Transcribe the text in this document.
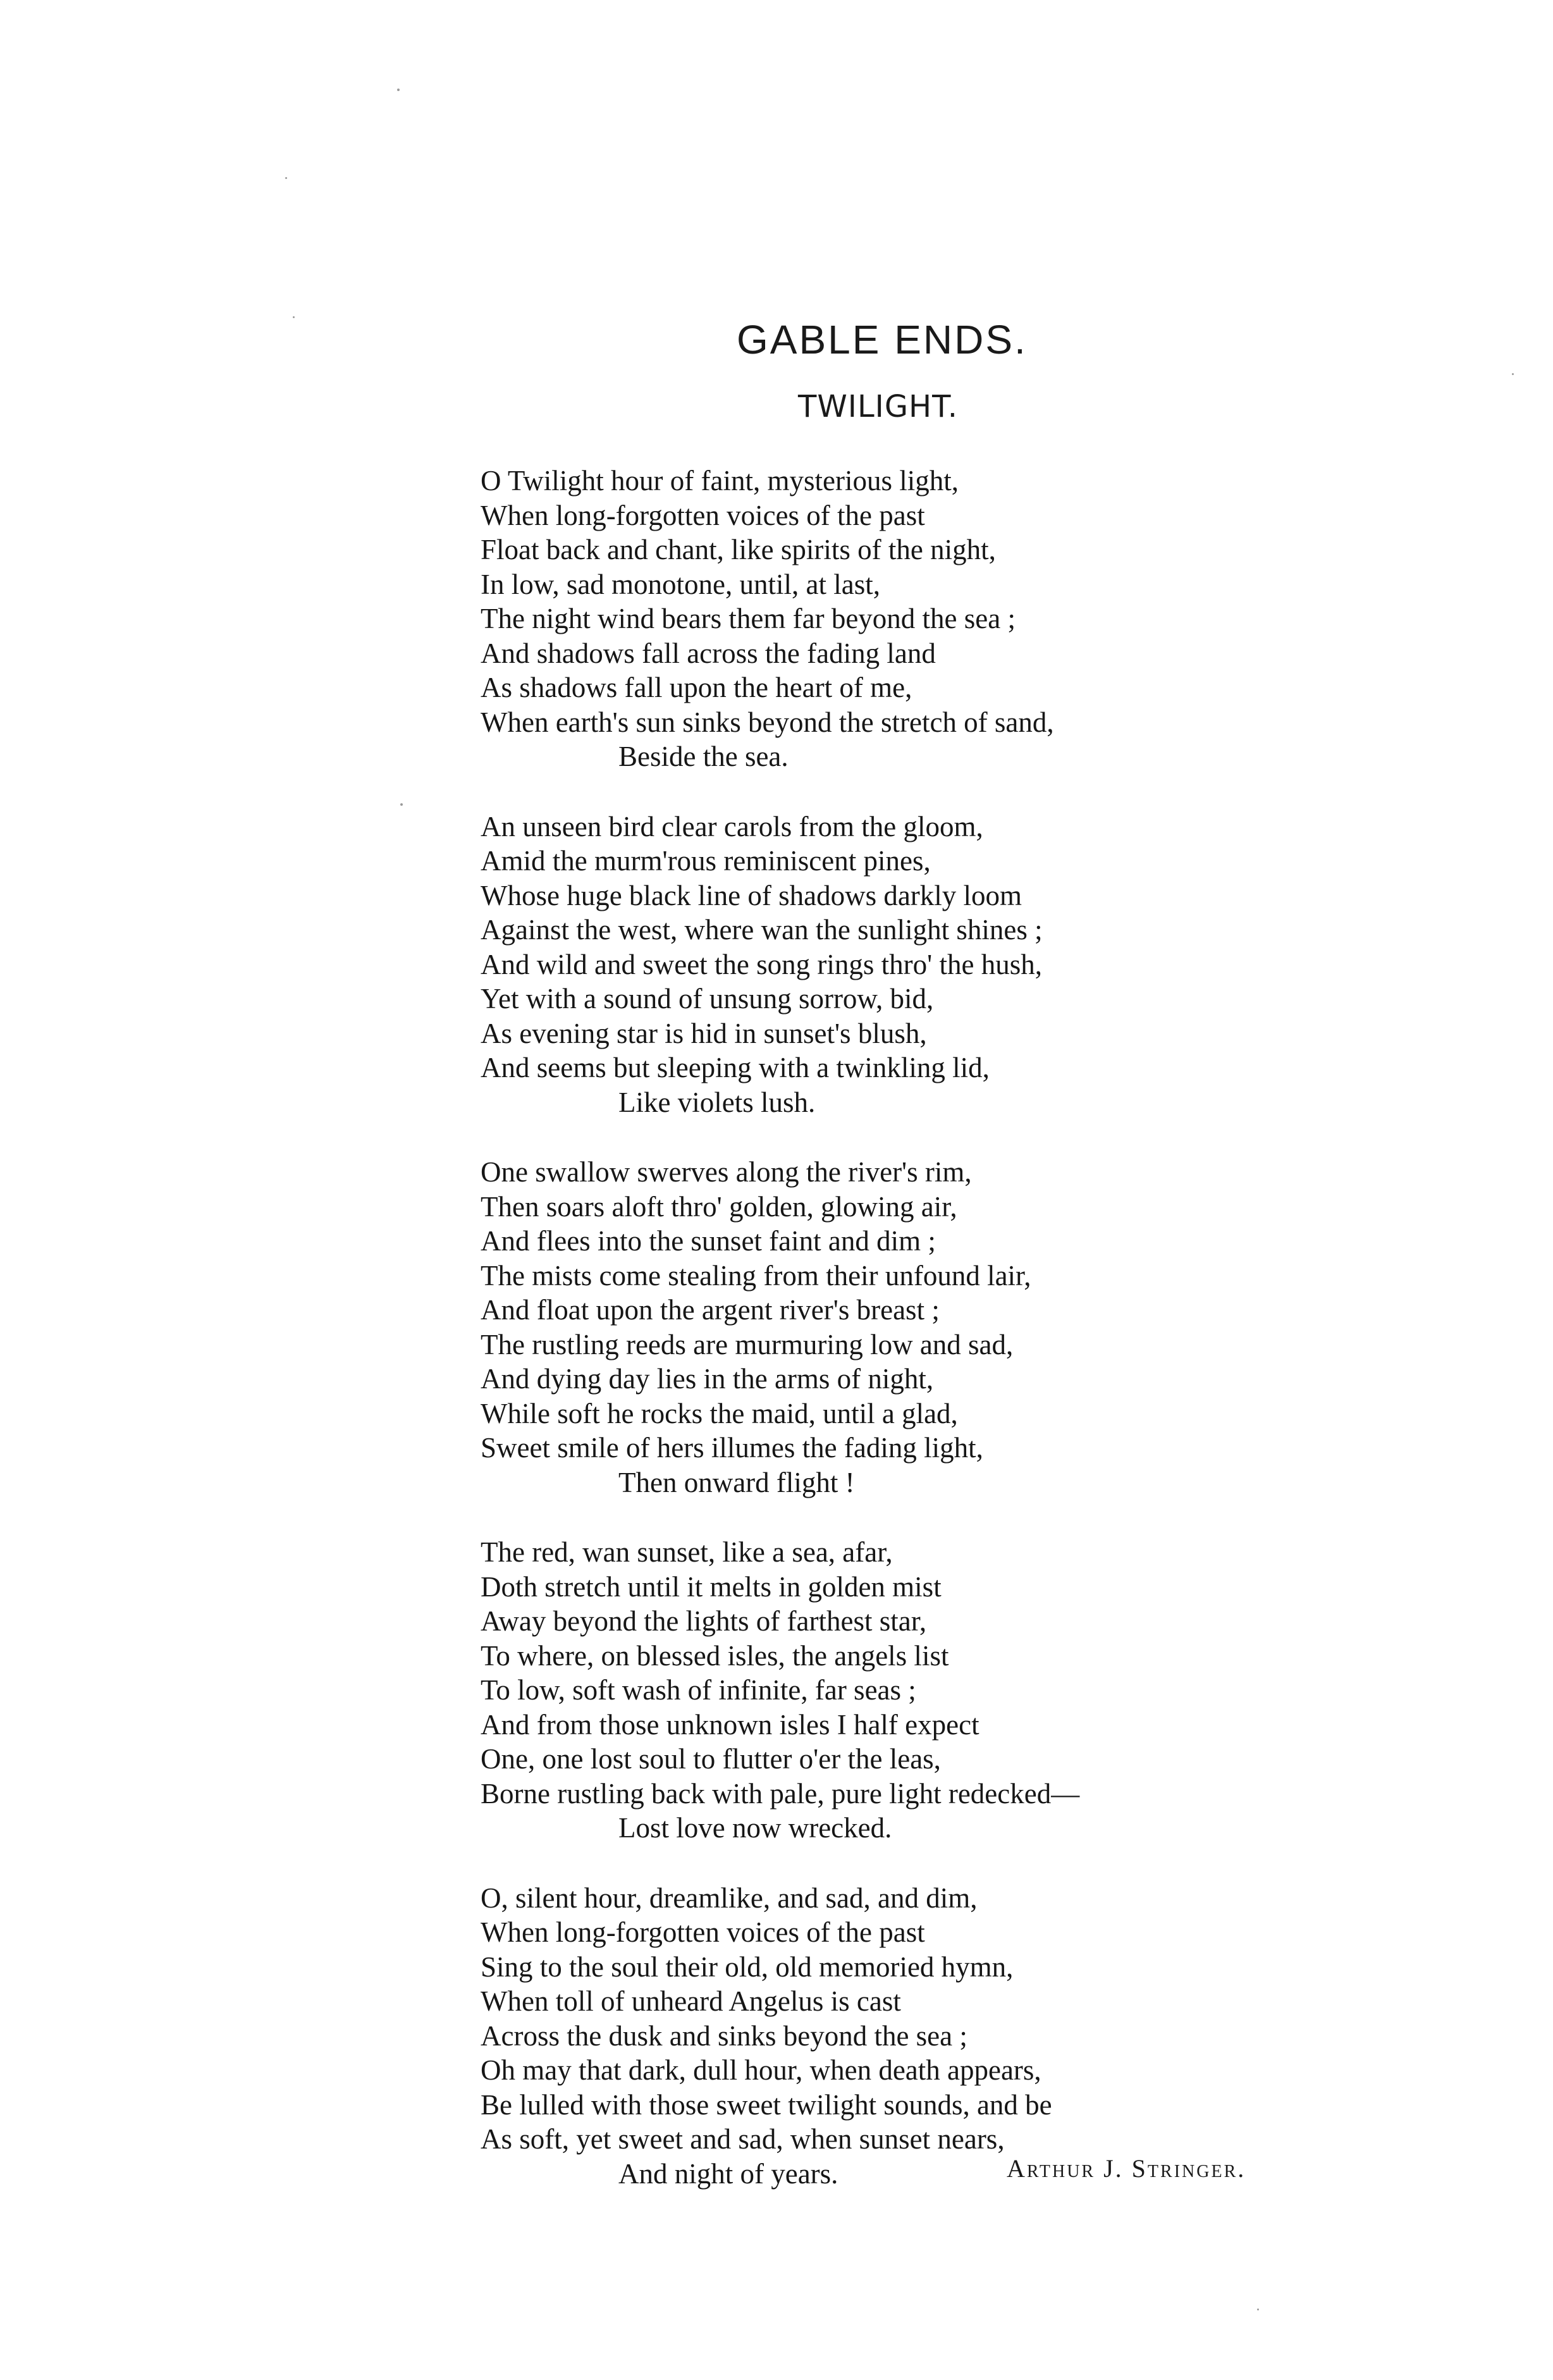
GABLE ENDS.
TWILIGHT.
O Twilight hour of faint, mysterious light,
When long-forgotten voices of the past
Float back and chant, like spirits of the night,
In low, sad monotone, until, at last,
The night wind bears them far beyond the sea ;
And shadows fall across the fading land
As shadows fall upon the heart of me,
When earth's sun sinks beyond the stretch of sand,
Beside the sea.
An unseen bird clear carols from the gloom,
Amid the murm'rous reminiscent pines,
Whose huge black line of shadows darkly loom
Against the west, where wan the sunlight shines ;
And wild and sweet the song rings thro' the hush,
Yet with a sound of unsung sorrow, bid,
As evening star is hid in sunset's blush,
And seems but sleeping with a twinkling lid,
Like violets lush.
One swallow swerves along the river's rim,
Then soars aloft thro' golden, glowing air,
And flees into the sunset faint and dim ;
The mists come stealing from their unfound lair,
And float upon the argent river's breast ;
The rustling reeds are murmuring low and sad,
And dying day lies in the arms of night,
While soft he rocks the maid, until a glad,
Sweet smile of hers illumes the fading light,
Then onward flight !
The red, wan sunset, like a sea, afar,
Doth stretch until it melts in golden mist
Away beyond the lights of farthest star,
To where, on blessed isles, the angels list
To low, soft wash of infinite, far seas ;
And from those unknown isles I half expect
One, one lost soul to flutter o'er the leas,
Borne rustling back with pale, pure light redecked—
Lost love now wrecked.
O, silent hour, dreamlike, and sad, and dim,
When long-forgotten voices of the past
Sing to the soul their old, old memoried hymn,
When toll of unheard Angelus is cast
Across the dusk and sinks beyond the sea ;
Oh may that dark, dull hour, when death appears,
Be lulled with those sweet twilight sounds, and be
As soft, yet sweet and sad, when sunset nears,
And night of years.	Arthur J. Stringer.
